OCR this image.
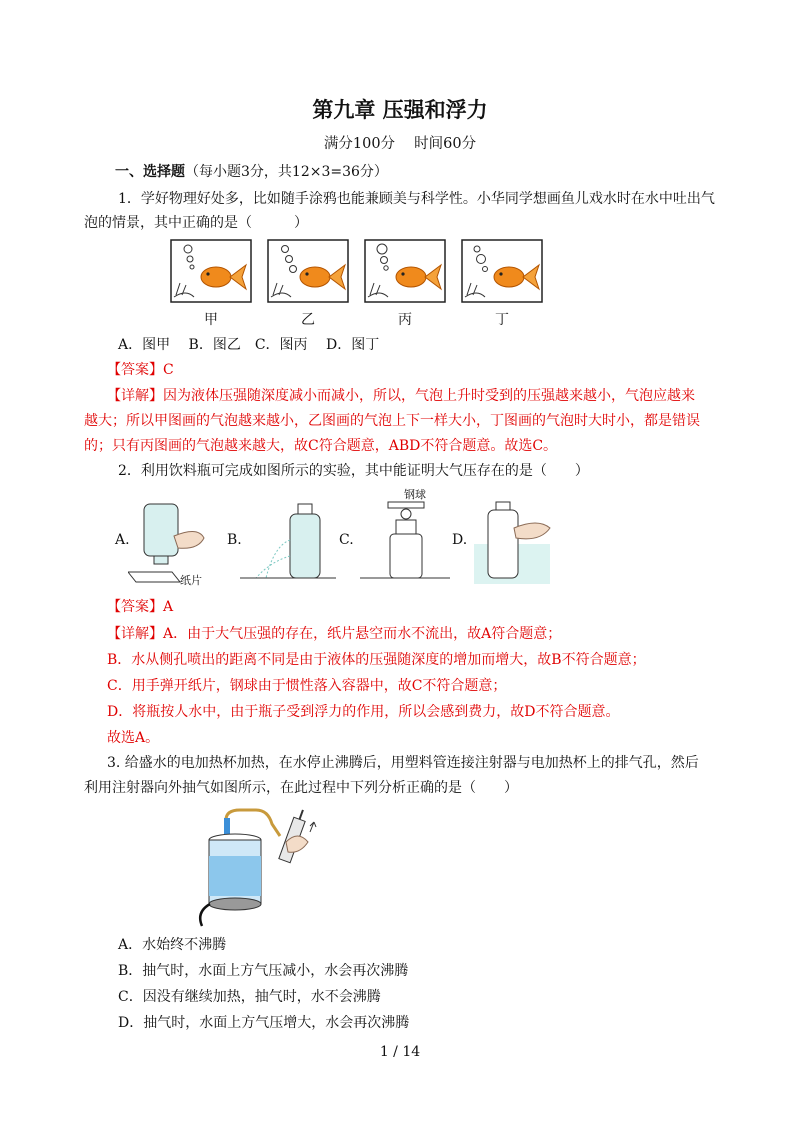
第九章 压强和浮力
满分100分　 时间60分
一、选择题（每小题3分，共12×3=36分）
1．学好物理好处多，比如随手涂鸦也能兼顾美与科学性。小华同学想画鱼儿戏水时在水中吐出气
泡的情景，其中正确的是（　　　）
甲	乙	丙	丁
A．图甲　 B．图乙　C．图丙　 D．图丁
【答案】C
【详解】因为液体压强随深度减小而减小，所以，气泡上升时受到的压强越来越小，气泡应越来
越大；所以甲图画的气泡越来越小，乙图画的气泡上下一样大小，丁图画的气泡时大时小，都是错误
的；只有丙图画的气泡越来越大，故C符合题意，ABD不符合题意。故选C。
2．利用饮料瓶可完成如图所示的实验，其中能证明大气压存在的是（　　）
A.
纸片
B.	C.
钢球
D.
【答案】A
【详解】A．由于大气压强的存在，纸片悬空而水不流出，故A符合题意；
B．水从侧孔喷出的距离不同是由于液体的压强随深度的增加而增大，故B不符合题意；
C．用手弹开纸片，钢球由于惯性落入容器中，故C不符合题意；
D．将瓶按人水中，由于瓶子受到浮力的作用，所以会感到费力，故D不符合题意。
故选A。
3. 给盛水的电加热杯加热，在水停止沸腾后，用塑料管连接注射器与电加热杯上的排气孔，然后
利用注射器向外抽气如图所示，在此过程中下列分析正确的是（　　）
A．水始终不沸腾
B．抽气时，水面上方气压减小，水会再次沸腾
C．因没有继续加热，抽气时，水不会沸腾
D．抽气时，水面上方气压增大，水会再次沸腾
1 / 14
